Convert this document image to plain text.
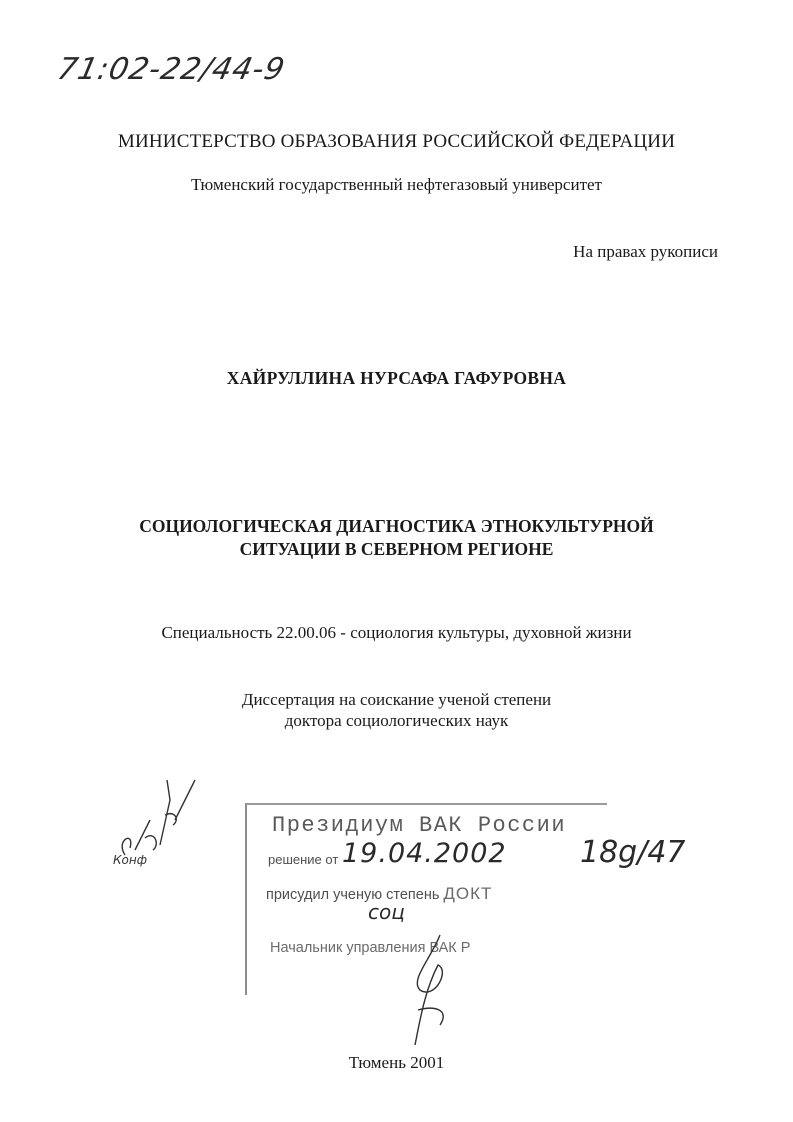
71:02-22/44-9
МИНИСТЕРСТВО ОБРАЗОВАНИЯ РОССИЙСКОЙ ФЕДЕРАЦИИ
Тюменский государственный нефтегазовый университет
На правах рукописи
ХАЙРУЛЛИНА НУРСАФА ГАФУРОВНА
СОЦИОЛОГИЧЕСКАЯ ДИАГНОСТИКА ЭТНОКУЛЬТУРНОЙ
СИТУАЦИИ В СЕВЕРНОМ РЕГИОНЕ
Специальность 22.00.06 - социология культуры, духовной жизни
Диссертация на соискание ученой степени
доктора социологических наук
Конф
Президиум ВАК России
решение от 19.04.2002 18g/47
присудил ученую степень ДОКТ
соц
Начальник управления ВАК Р
Тюмень 2001
